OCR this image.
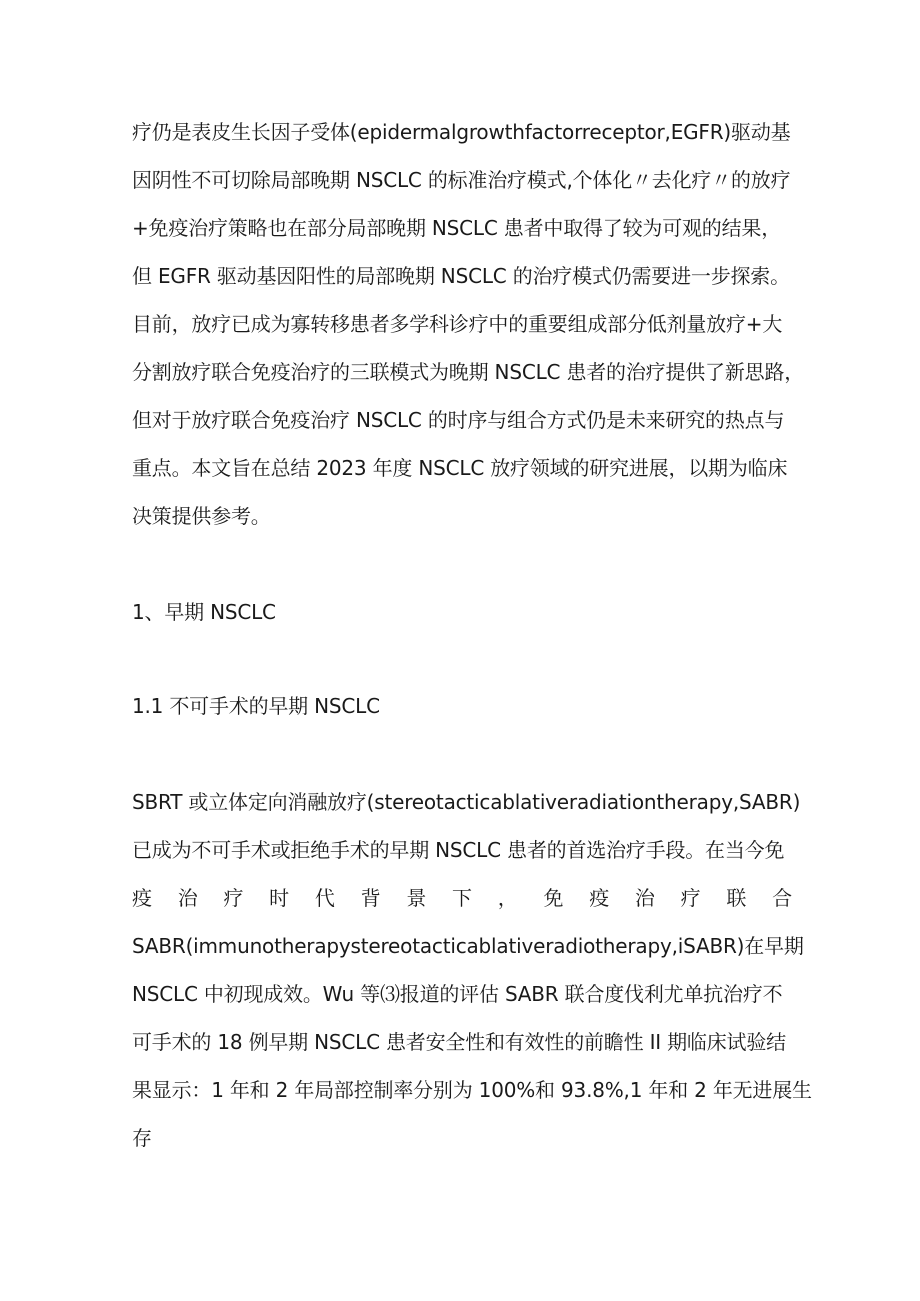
疗仍是表皮生长因子受体(epidermalgrowthfactorreceptor,EGFR)驱动基
因阴性不可切除局部晚期 NSCLC 的标准治疗模式,个体化〃去化疗〃的放疗
+免疫治疗策略也在部分局部晚期 NSCLC 患者中取得了较为可观的结果，
但 EGFR 驱动基因阳性的局部晚期 NSCLC 的治疗模式仍需要进一步探索。
目前，放疗已成为寡转移患者多学科诊疗中的重要组成部分低剂量放疗+大
分割放疗联合免疫治疗的三联模式为晚期 NSCLC 患者的治疗提供了新思路，
但对于放疗联合免疫治疗 NSCLC 的时序与组合方式仍是未来研究的热点与
重点。本文旨在总结 2023 年度 NSCLC 放疗领域的研究进展，以期为临床
决策提供参考。
1、早期 NSCLC
1.1 不可手术的早期 NSCLC
SBRT 或立体定向消融放疗(stereotacticablativeradiationtherapy,SABR)
已成为不可手术或拒绝手术的早期 NSCLC 患者的首选治疗手段。在当今免
疫 治 疗 时 代 背 景 下 ， 免 疫 治 疗 联 合
SABR(immunotherapystereotacticablativeradiotherapy,iSABR)在早期
NSCLC 中初现成效。Wu 等⑶报道的评估 SABR 联合度伐利尤单抗治疗不
可手术的 18 例早期 NSCLC 患者安全性和有效性的前瞻性 II 期临床试验结
果显示：1 年和 2 年局部控制率分别为 100%和 93.8%,1 年和 2 年无进展生
存
